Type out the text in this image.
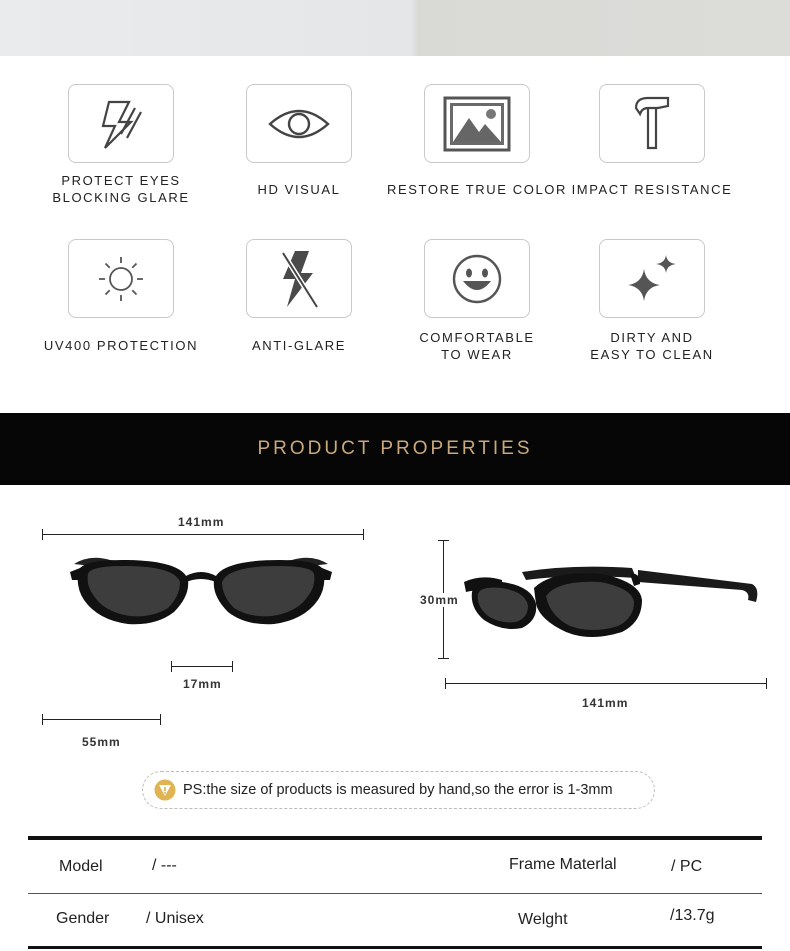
PROTECT EYES
BLOCKING GLARE
HD VISUAL	RESTORE TRUE COLOR IMPACT RESISTANCE
UV400 PROTECTION	ANTI-GLARE
COMFORTABLE
TO WEAR
DIRTY AND
EASY TO CLEAN
PRODUCT PROPERTIES
141mm
17mm
55mm
30mm
141mm
PS:the size of products is measured by hand,so the error is 1-3mm
Model	/ ---	Frame Materlal	/ PC
Gender / Unisex	Welght	/13.7g
